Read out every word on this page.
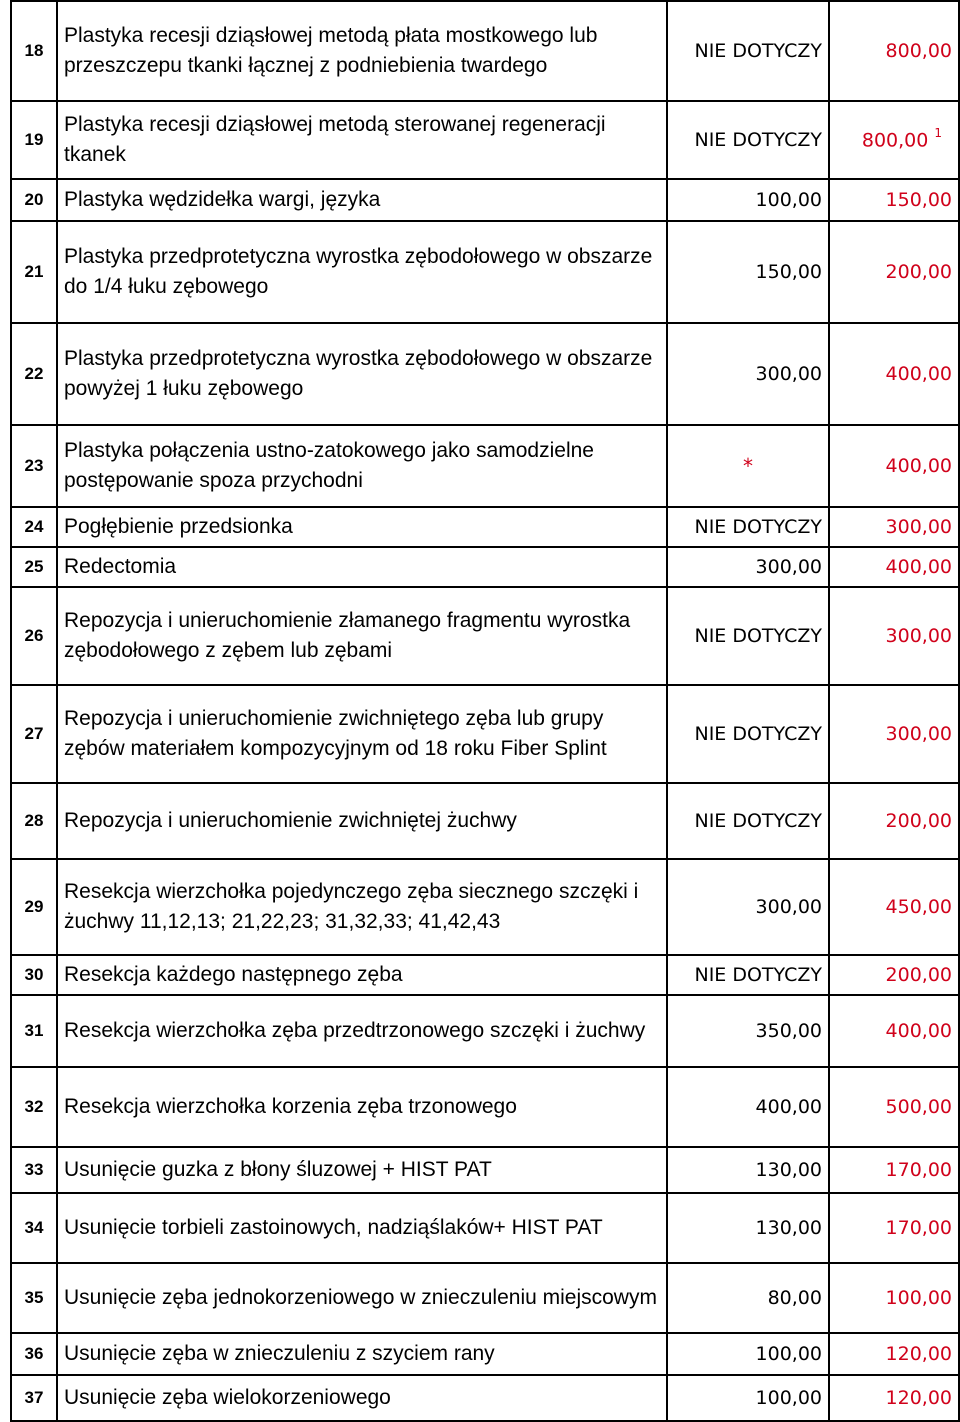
18	Plastyka recesji dziąsłowej metodą płata mostkowego lub przeszczepu tkanki łącznej z podniebienia twardego	NIE DOTYCZY	800,00
19	Plastyka recesji dziąsłowej metodą sterowanej regeneracji tkanek	NIE DOTYCZY	800,00 $^1$
20	Plastyka wędzidełka wargi, języka	100,00	150,00
21	Plastyka przedprotetyczna wyrostka zębodołowego w obszarze do 1/4 łuku zębowego	150,00	200,00
22	Plastyka przedprotetyczna wyrostka zębodołowego w obszarze powyżej 1 łuku zębowego	300,00	400,00
23	Plastyka połączenia ustno-zatokowego jako samodzielne postępowanie spoza przychodni	*	400,00
24	Pogłębienie przedsionka	NIE DOTYCZY	300,00
25	Redectomia	300,00	400,00
26	Repozycja i unieruchomienie złamanego fragmentu wyrostka zębodołowego z zębem lub zębami	NIE DOTYCZY	300,00
27	Repozycja i unieruchomienie zwichniętego zęba lub grupy zębów materiałem kompozycyjnym od 18 roku Fiber Splint	NIE DOTYCZY	300,00
28	Repozycja i unieruchomienie zwichniętej żuchwy	NIE DOTYCZY	200,00
29	Resekcja wierzchołka pojedynczego zęba siecznego szczęki i żuchwy 11,12,13; 21,22,23; 31,32,33; 41,42,43	300,00	450,00
30	Resekcja każdego następnego zęba	NIE DOTYCZY	200,00
31	Resekcja wierzchołka zęba przedtrzonowego szczęki i żuchwy	350,00	400,00
32	Resekcja wierzchołka korzenia zęba trzonowego	400,00	500,00
33	Usunięcie guzka z błony śluzowej + HIST PAT	130,00	170,00
34	Usunięcie torbieli zastoinowych, nadziąślaków+ HIST PAT	130,00	170,00
35	Usunięcie zęba jednokorzeniowego w znieczuleniu miejscowym	80,00	100,00
36	Usunięcie zęba w znieczuleniu z szyciem rany	100,00	120,00
37	Usunięcie zęba wielokorzeniowego	100,00	120,00
